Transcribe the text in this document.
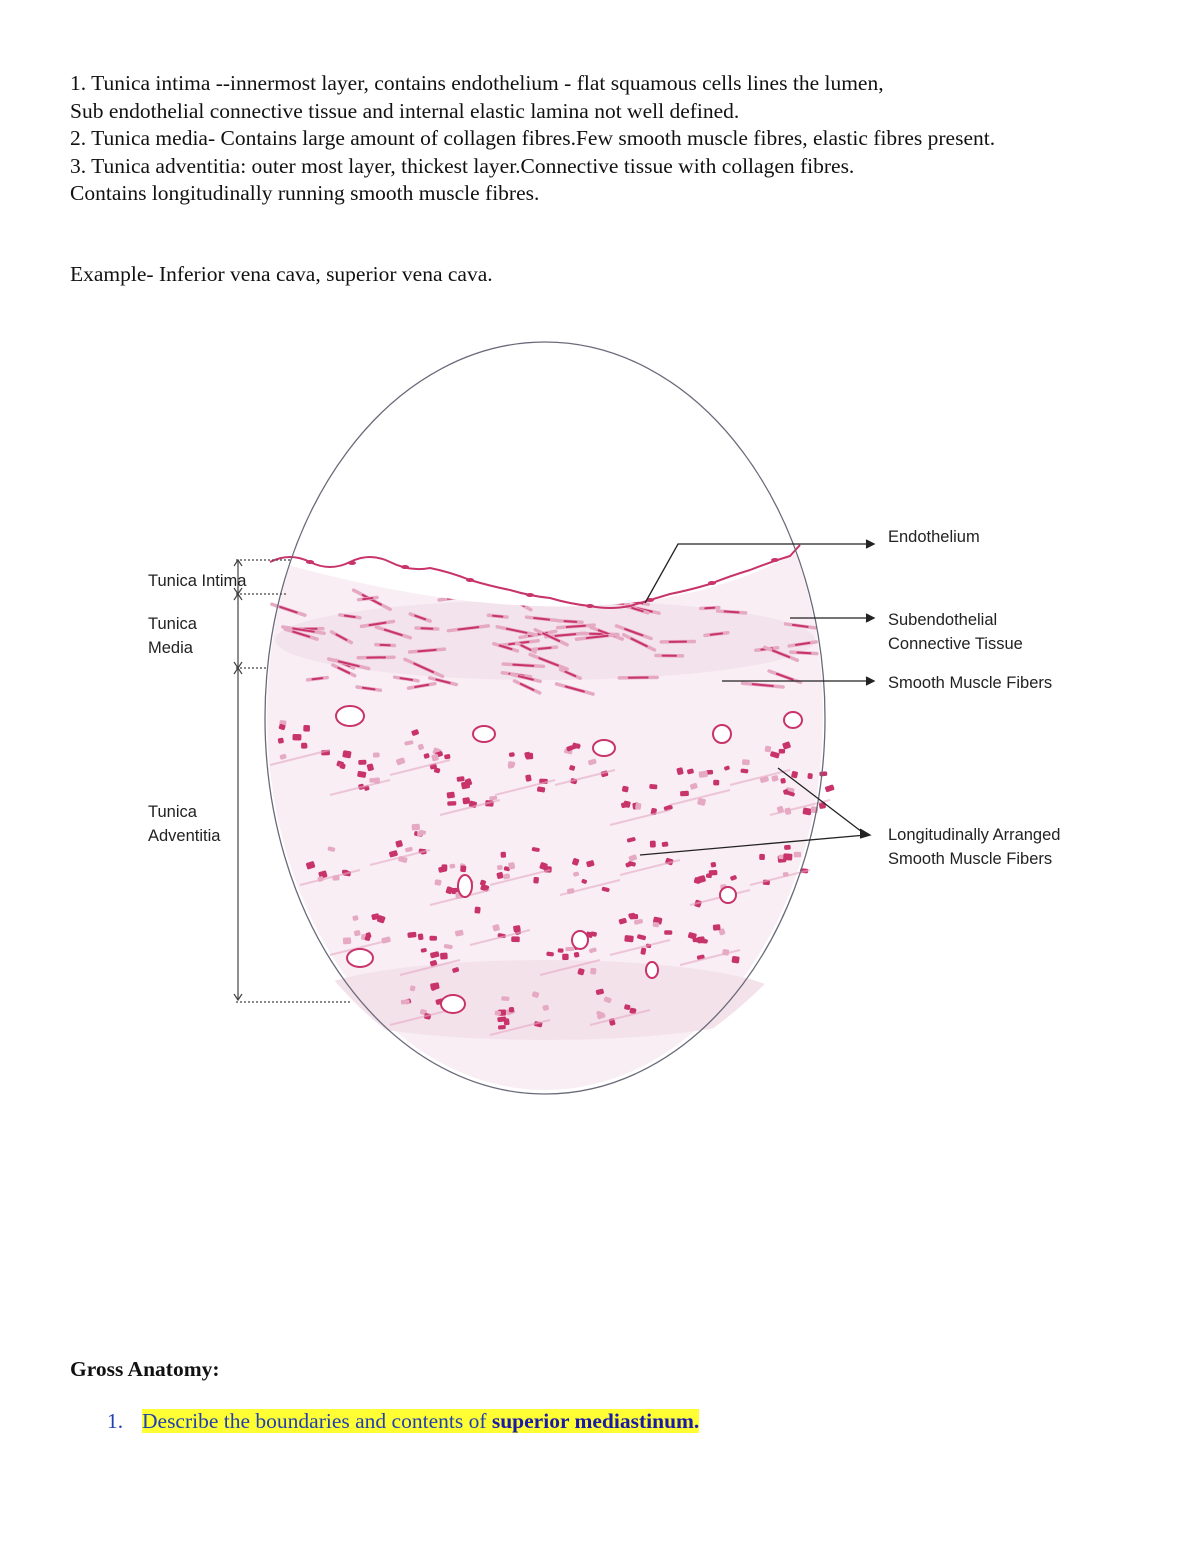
1. Tunica intima --innermost layer, contains endothelium - flat squamous cells lines the lumen,

Sub endothelial connective tissue and internal elastic lamina not well defined.

2. Tunica media- Contains large amount of collagen fibres.Few smooth muscle fibres, elastic fibres present.

3. Tunica adventitia: outer most layer, thickest layer.Connective tissue with collagen fibres.

Contains longitudinally running smooth muscle fibres.

Example- Inferior vena cava, superior vena cava.
Tunica Intima
Tunica
Media
Tunica
Adventitia
Endothelium
Subendothelial
Connective Tissue
Smooth Muscle Fibers
Longitudinally Arranged
Smooth Muscle Fibers
Gross Anatomy:
1. Describe the boundaries and contents of superior mediastinum.
